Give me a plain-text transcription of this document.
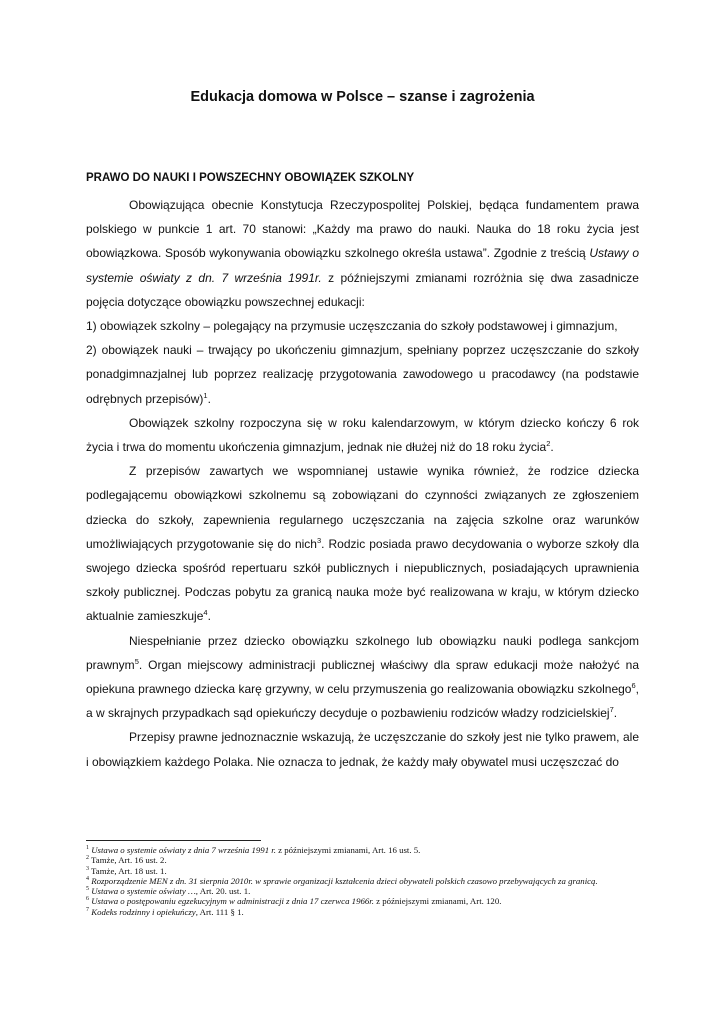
Edukacja domowa w Polsce – szanse i zagrożenia
PRAWO DO NAUKI I POWSZECHNY OBOWIĄZEK SZKOLNY

Obowiązująca obecnie Konstytucja Rzeczypospolitej Polskiej, będąca fundamentem prawa polskiego w punkcie 1 art. 70 stanowi: „Każdy ma prawo do nauki. Nauka do 18 roku życia jest obowiązkowa. Sposób wykonywania obowiązku szkolnego określa ustawa”. Zgodnie z treścią Ustawy o systemie oświaty z dn. 7 września 1991r. z późniejszymi zmianami rozróżnia się dwa zasadnicze pojęcia dotyczące obowiązku powszechnej edukacji:

1) obowiązek szkolny – polegający na przymusie uczęszczania do szkoły podstawowej i gimnazjum,

2) obowiązek nauki – trwający po ukończeniu gimnazjum, spełniany poprzez uczęszczanie do szkoły ponadgimnazjalnej lub poprzez realizację przygotowania zawodowego u pracodawcy (na podstawie odrębnych przepisów)$^1$.

Obowiązek szkolny rozpoczyna się w roku kalendarzowym, w którym dziecko kończy 6 rok życia i trwa do momentu ukończenia gimnazjum, jednak nie dłużej niż do 18 roku życia$^2$.

Z przepisów zawartych we wspomnianej ustawie wynika również, że rodzice dziecka podlegającemu obowiązkowi szkolnemu są zobowiązani do czynności związanych ze zgłoszeniem dziecka do szkoły, zapewnienia regularnego uczęszczania na zajęcia szkolne oraz warunków umożliwiających przygotowanie się do nich$^3$. Rodzic posiada prawo decydowania o wyborze szkoły dla swojego dziecka spośród repertuaru szkół publicznych i niepublicznych, posiadających uprawnienia szkoły publicznej. Podczas pobytu za granicą nauka może być realizowana w kraju, w którym dziecko aktualnie zamieszkuje$^4$.

Niespełnianie przez dziecko obowiązku szkolnego lub obowiązku nauki podlega sankcjom prawnym$^5$. Organ miejscowy administracji publicznej właściwy dla spraw edukacji może nałożyć na opiekuna prawnego dziecka karę grzywny, w celu przymuszenia go realizowania obowiązku szkolnego$^6$, a w skrajnych przypadkach sąd opiekuńczy decyduje o pozbawieniu rodziców władzy rodzicielskiej$^7$.

Przepisy prawne jednoznacznie wskazują, że uczęszczanie do szkoły jest nie tylko prawem, ale i obowiązkiem każdego Polaka. Nie oznacza to jednak, że każdy mały obywatel musi uczęszczać do

$^1$ Ustawa o systemie oświaty z dnia 7 września 1991 r. z późniejszymi zmianami, Art. 16 ust. 5.
$^2$ Tamże, Art. 16 ust. 2.
$^3$ Tamże, Art. 18 ust. 1.
$^4$ Rozporządzenie MEN z dn. 31 sierpnia 2010r. w sprawie organizacji kształcenia dzieci obywateli polskich czasowo przebywających za granicą.
$^5$ Ustawa o systemie oświaty …, Art. 20. ust. 1.
$^6$ Ustawa o postępowaniu egzekucyjnym w administracji z dnia 17 czerwca 1966r. z późniejszymi zmianami, Art. 120.
$^7$ Kodeks rodzinny i opiekuńczy, Art. 111 § 1.
